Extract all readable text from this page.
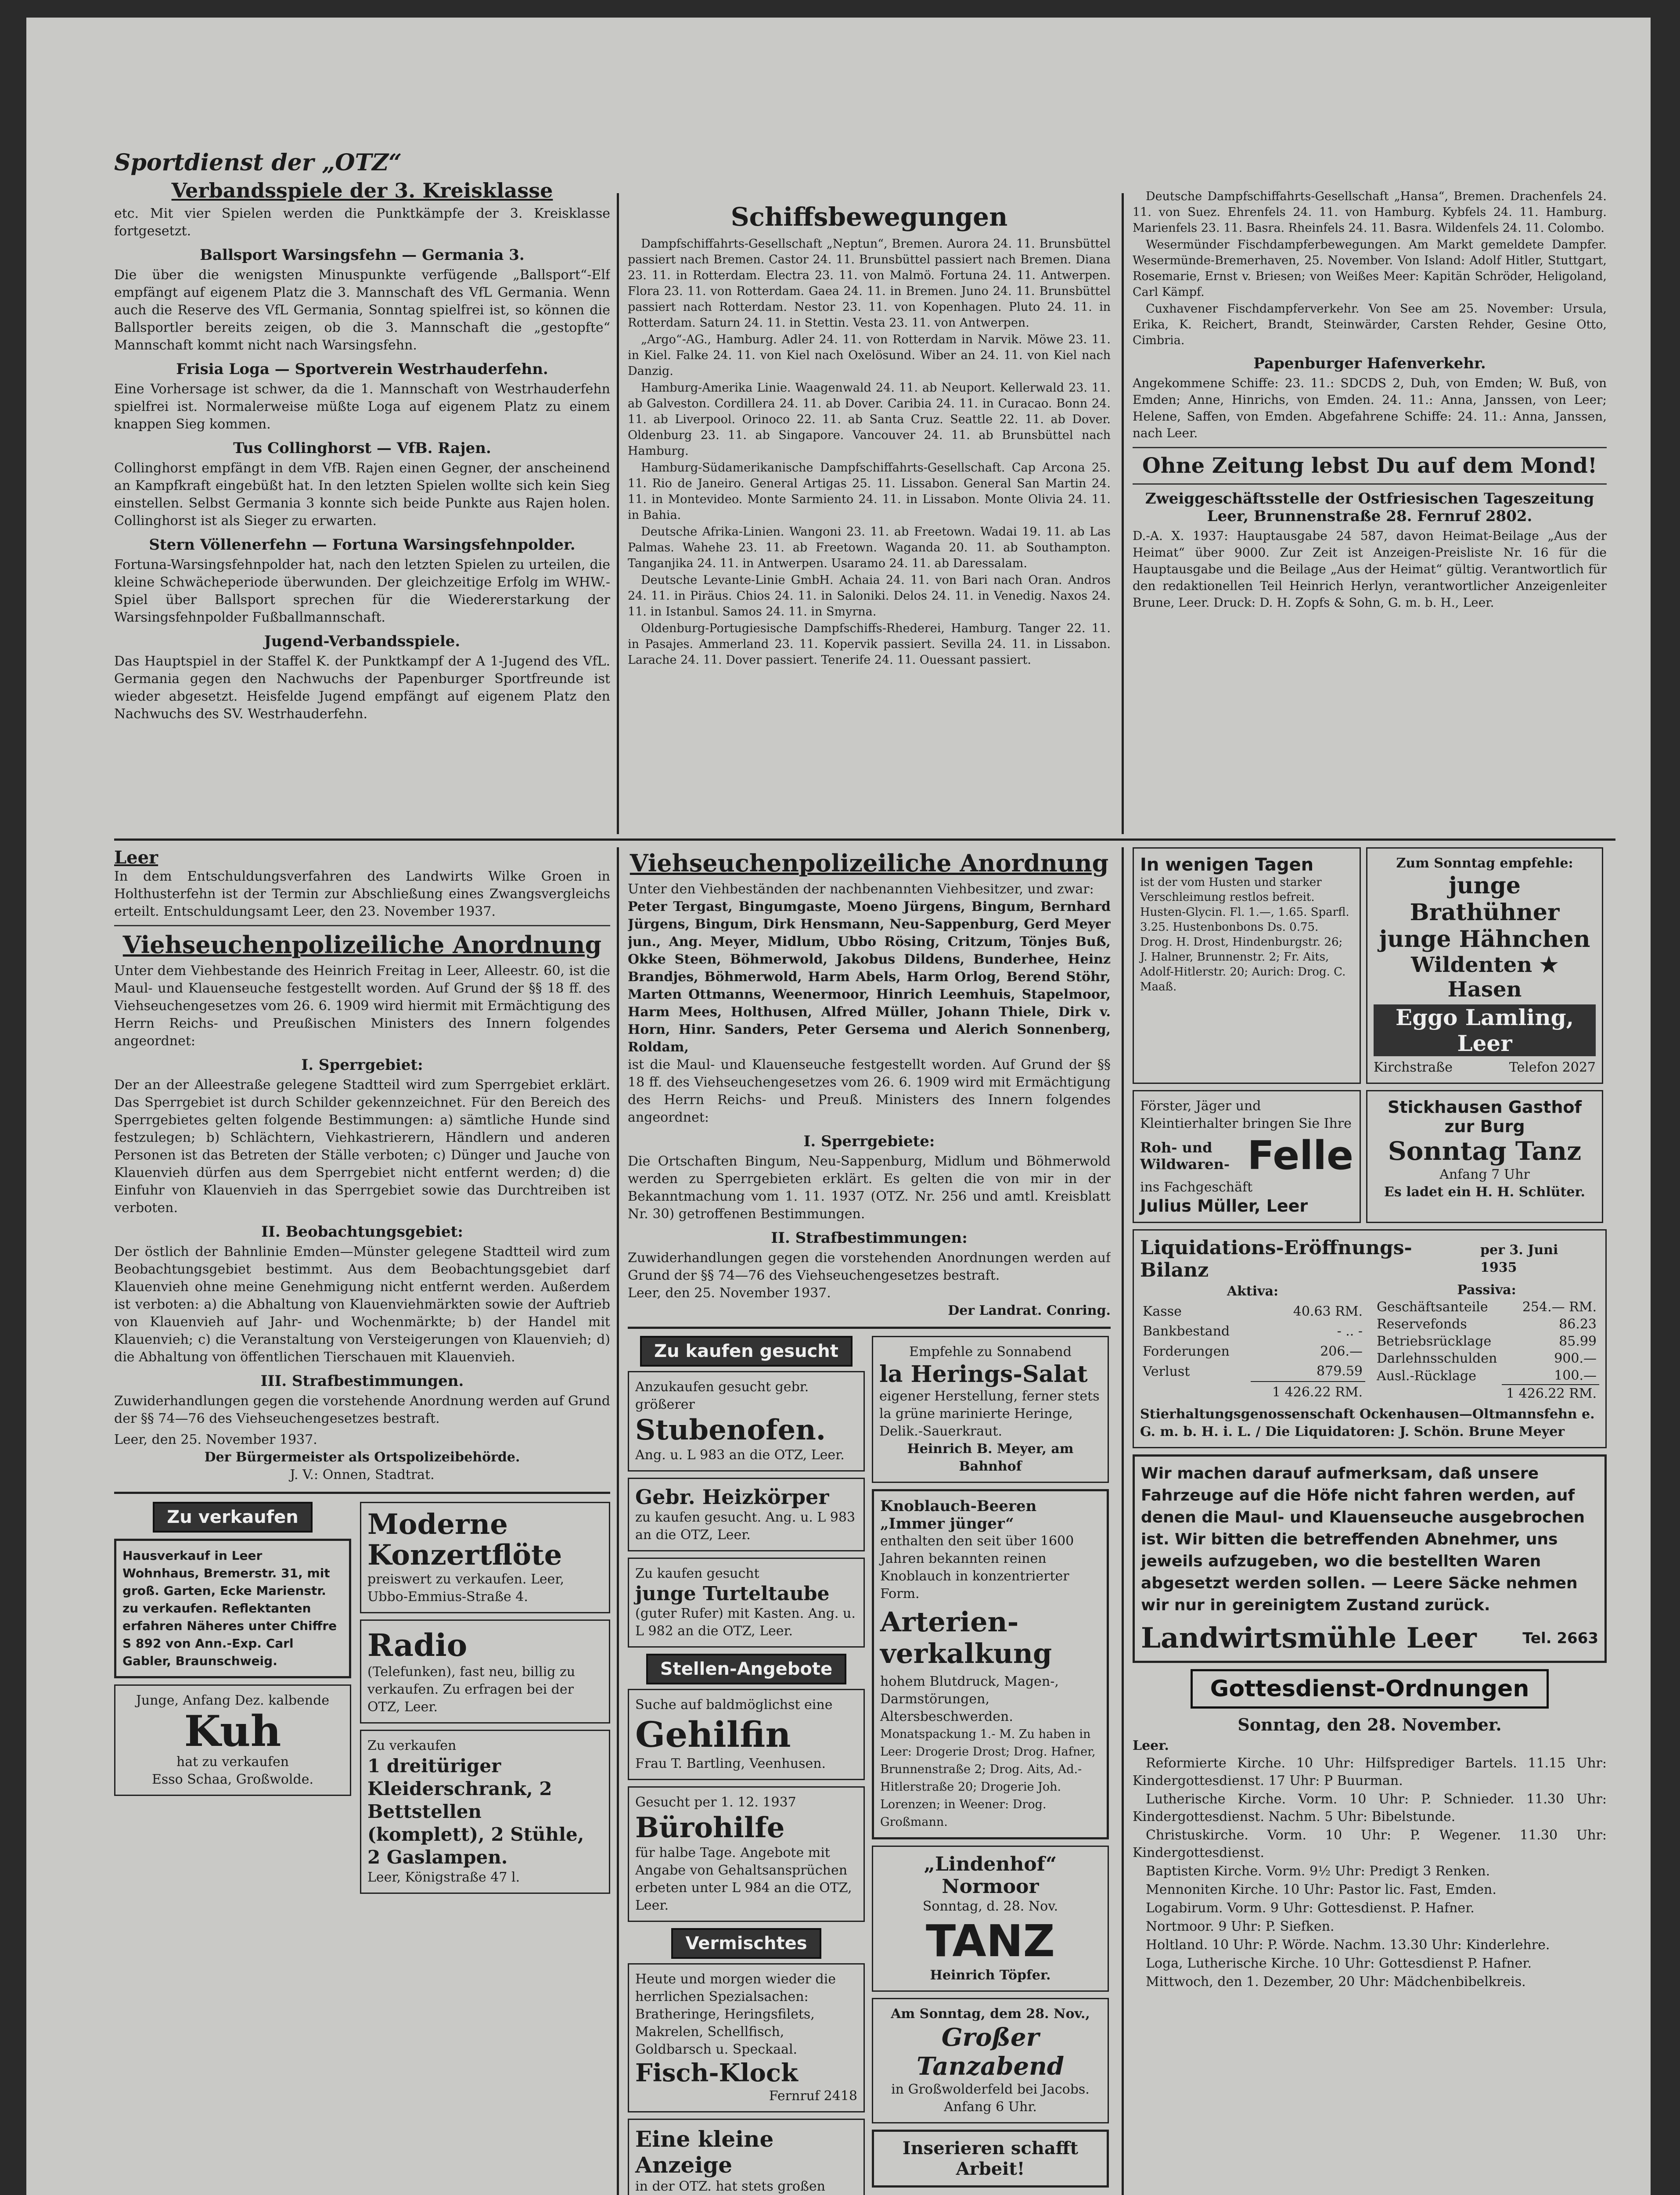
Sportdienst der „OTZ“
Verbandsspiele der 3. Kreisklasse
etc. Mit vier Spielen werden die Punktkämpfe der 3. Kreisklasse fortgesetzt.
Ballsport Warsingsfehn — Germania 3.
Die über die wenigsten Minuspunkte verfügende „Ballsport“-Elf empfängt auf eigenem Platz die 3. Mannschaft des VfL Germania. Wenn auch die Reserve des VfL Germania, Sonntag spielfrei ist, so können die Ballsportler bereits zeigen, ob die 3. Mannschaft die „gestopfte“ Mannschaft kommt nicht nach Warsingsfehn.
Frisia Loga — Sportverein Westrhauderfehn.
Eine Vorhersage ist schwer, da die 1. Mannschaft von Westrhauderfehn spielfrei ist. Normalerweise müßte Loga auf eigenem Platz zu einem knappen Sieg kommen.
Tus Collinghorst — VfB. Rajen.
Collinghorst empfängt in dem VfB. Rajen einen Gegner, der anscheinend an Kampfkraft eingebüßt hat. In den letzten Spielen wollte sich kein Sieg einstellen. Selbst Germania 3 konnte sich beide Punkte aus Rajen holen. Collinghorst ist als Sieger zu erwarten.
Stern Völlenerfehn — Fortuna Warsingsfehnpolder.
Fortuna-Warsingsfehnpolder hat, nach den letzten Spielen zu urteilen, die kleine Schwächeperiode überwunden. Der gleichzeitige Erfolg im WHW.-Spiel über Ballsport sprechen für die Wiedererstarkung der Warsingsfehnpolder Fußballmannschaft.
Jugend-Verbandsspiele.
Das Hauptspiel in der Staffel K. der Punktkampf der A 1-Jugend des VfL. Germania gegen den Nachwuchs der Papenburger Sportfreunde ist wieder abgesetzt. Heisfelde Jugend empfängt auf eigenem Platz den Nachwuchs des SV. Westrhauderfehn.
Schiffsbewegungen

Dampfschiffahrts-Gesellschaft „Neptun“, Bremen. Aurora 24. 11. Brunsbüttel passiert nach Bremen. Castor 24. 11. Brunsbüttel passiert nach Bremen. Diana 23. 11. in Rotterdam. Electra 23. 11. von Malmö. Fortuna 24. 11. Antwerpen. Flora 23. 11. von Rotterdam. Gaea 24. 11. in Bremen. Juno 24. 11. Brunsbüttel passiert nach Rotterdam. Nestor 23. 11. von Kopenhagen. Pluto 24. 11. in Rotterdam. Saturn 24. 11. in Stettin. Vesta 23. 11. von Antwerpen.

„Argo“-AG., Hamburg. Adler 24. 11. von Rotterdam in Narvik. Möwe 23. 11. in Kiel. Falke 24. 11. von Kiel nach Oxelösund. Wiber an 24. 11. von Kiel nach Danzig.

Hamburg-Amerika Linie. Waagenwald 24. 11. ab Neuport. Kellerwald 23. 11. ab Galveston. Cordillera 24. 11. ab Dover. Caribia 24. 11. in Curacao. Bonn 24. 11. ab Liverpool. Orinoco 22. 11. ab Santa Cruz. Seattle 22. 11. ab Dover. Oldenburg 23. 11. ab Singapore. Vancouver 24. 11. ab Brunsbüttel nach Hamburg.

Hamburg-Südamerikanische Dampfschiffahrts-Gesellschaft. Cap Arcona 25. 11. Rio de Janeiro. General Artigas 25. 11. Lissabon. General San Martin 24. 11. in Montevideo. Monte Sarmiento 24. 11. in Lissabon. Monte Olivia 24. 11. in Bahia.

Deutsche Afrika-Linien. Wangoni 23. 11. ab Freetown. Wadai 19. 11. ab Las Palmas. Wahehe 23. 11. ab Freetown. Waganda 20. 11. ab Southampton. Tanganjika 24. 11. in Antwerpen. Usaramo 24. 11. ab Daressalam.

Deutsche Levante-Linie GmbH. Achaia 24. 11. von Bari nach Oran. Andros 24. 11. in Piräus. Chios 24. 11. in Saloniki. Delos 24. 11. in Venedig. Naxos 24. 11. in Istanbul. Samos 24. 11. in Smyrna.

Oldenburg-Portugiesische Dampfschiffs-Rhederei, Hamburg. Tanger 22. 11. in Pasajes. Ammerland 23. 11. Kopervik passiert. Sevilla 24. 11. in Lissabon. Larache 24. 11. Dover passiert. Tenerife 24. 11. Ouessant passiert.

Deutsche Dampfschiffahrts-Gesellschaft „Hansa“, Bremen. Drachenfels 24. 11. von Suez. Ehrenfels 24. 11. von Hamburg. Kybfels 24. 11. Hamburg. Marienfels 23. 11. Basra. Rheinfels 24. 11. Basra. Wildenfels 24. 11. Colombo.

Wesermünder Fischdampferbewegungen. Am Markt gemeldete Dampfer. Wesermünde-Bremerhaven, 25. November. Von Island: Adolf Hitler, Stuttgart, Rosemarie, Ernst v. Briesen; von Weißes Meer: Kapitän Schröder, Heligoland, Carl Kämpf.

Cuxhavener Fischdampferverkehr. Von See am 25. November: Ursula, Erika, K. Reichert, Brandt, Steinwärder, Carsten Rehder, Gesine Otto, Cimbria.

Papenburger Hafenverkehr.
Angekommene Schiffe: 23. 11.: SDCDS 2, Duh, von Emden; W. Buß, von Emden; Anne, Hinrichs, von Emden. 24. 11.: Anna, Janssen, von Leer; Helene, Saffen, von Emden. Abgefahrene Schiffe: 24. 11.: Anna, Janssen, nach Leer.
Ohne Zeitung lebst Du auf dem Mond!
Zweiggeschäftsstelle der Ostfriesischen Tageszeitung
Leer, Brunnenstraße 28. Fernruf 2802.
D.-A. X. 1937: Hauptausgabe 24 587, davon Heimat-Beilage „Aus der Heimat“ über 9000. Zur Zeit ist Anzeigen-Preisliste Nr. 16 für die Hauptausgabe und die Beilage „Aus der Heimat“ gültig. Verantwortlich für den redaktionellen Teil Heinrich Herlyn, verantwortlicher Anzeigenleiter Brune, Leer. Druck: D. H. Zopfs & Sohn, G. m. b. H., Leer.
Leer
In dem Entschuldungsverfahren des Landwirts Wilke Groen in Holthusterfehn ist der Termin zur Abschließung eines Zwangsvergleichs erteilt. Entschuldungsamt Leer, den 23. November 1937.
Viehseuchenpolizeiliche Anordnung
Unter dem Viehbestande des Heinrich Freitag in Leer, Alleestr. 60, ist die Maul- und Klauenseuche festgestellt worden. Auf Grund der §§ 18 ff. des Viehseuchengesetzes vom 26. 6. 1909 wird hiermit mit Ermächtigung des Herrn Reichs- und Preußischen Ministers des Innern folgendes angeordnet:
I. Sperrgebiet:
Der an der Alleestraße gelegene Stadtteil wird zum Sperrgebiet erklärt. Das Sperrgebiet ist durch Schilder gekennzeichnet. Für den Bereich des Sperrgebietes gelten folgende Bestimmungen: a) sämtliche Hunde sind festzulegen; b) Schlächtern, Viehkastrierern, Händlern und anderen Personen ist das Betreten der Ställe verboten; c) Dünger und Jauche von Klauenvieh dürfen aus dem Sperrgebiet nicht entfernt werden; d) die Einfuhr von Klauenvieh in das Sperrgebiet sowie das Durchtreiben ist verboten.
II. Beobachtungsgebiet:
Der östlich der Bahnlinie Emden—Münster gelegene Stadtteil wird zum Beobachtungsgebiet bestimmt. Aus dem Beobachtungsgebiet darf Klauenvieh ohne meine Genehmigung nicht entfernt werden. Außerdem ist verboten: a) die Abhaltung von Klauenviehmärkten sowie der Auftrieb von Klauenvieh auf Jahr- und Wochenmärkte; b) der Handel mit Klauenvieh; c) die Veranstaltung von Versteigerungen von Klauenvieh; d) die Abhaltung von öffentlichen Tierschauen mit Klauenvieh.
III. Strafbestimmungen.
Zuwiderhandlungen gegen die vorstehende Anordnung werden auf Grund der §§ 74—76 des Viehseuchengesetzes bestraft.
Leer, den 25. November 1937.
Der Bürgermeister als Ortspolizeibehörde.
J. V.: Onnen, Stadtrat.
Zu verkaufen
Hausverkauf in Leer Wohnhaus, Bremerstr. 31, mit groß. Garten, Ecke Marienstr. zu verkaufen. Reflektanten erfahren Näheres unter Chiffre S 892 von Ann.-Exp. Carl Gabler, Braunschweig.
Junge, Anfang Dez. kalbende
Kuh
hat zu verkaufen
Esso Schaa, Großwolde.
Moderne Konzertflöte
preiswert zu verkaufen. Leer, Ubbo-Emmius-Straße 4.
Radio
(Telefunken), fast neu, billig zu verkaufen. Zu erfragen bei der OTZ, Leer.
Zu verkaufen
1 dreitüriger Kleiderschrank, 2 Bettstellen (komplett), 2 Stühle, 2 Gaslampen.
Leer, Königstraße 47 l.
Viehseuchenpolizeiliche Anordnung
Unter den Viehbeständen der nachbenannten Viehbesitzer, und zwar:
Peter Tergast, Bingumgaste, Moeno Jürgens, Bingum, Bernhard Jürgens, Bingum, Dirk Hensmann, Neu-Sappenburg, Gerd Meyer jun., Ang. Meyer, Midlum, Ubbo Rösing, Critzum, Tönjes Buß, Okke Steen, Böhmerwold, Jakobus Dildens, Bunderhee, Heinz Brandjes, Böhmerwold, Harm Abels, Harm Orlog, Berend Stöhr, Marten Ottmanns, Weenermoor, Hinrich Leemhuis, Stapelmoor, Harm Mees, Holthusen, Alfred Müller, Johann Thiele, Dirk v. Horn, Hinr. Sanders, Peter Gersema und Alerich Sonnenberg, Roldam,
ist die Maul- und Klauenseuche festgestellt worden. Auf Grund der §§ 18 ff. des Viehseuchengesetzes vom 26. 6. 1909 wird mit Ermächtigung des Herrn Reichs- und Preuß. Ministers des Innern folgendes angeordnet:
I. Sperrgebiete:
Die Ortschaften Bingum, Neu-Sappenburg, Midlum und Böhmerwold werden zu Sperrgebieten erklärt. Es gelten die von mir in der Bekanntmachung vom 1. 11. 1937 (OTZ. Nr. 256 und amtl. Kreisblatt Nr. 30) getroffenen Bestimmungen.
II. Strafbestimmungen:
Zuwiderhandlungen gegen die vorstehenden Anordnungen werden auf Grund der §§ 74—76 des Viehseuchengesetzes bestraft.
Leer, den 25. November 1937.
Der Landrat. Conring.
Zu kaufen gesucht
Anzukaufen gesucht gebr. größerer
Stubenofen.
Ang. u. L 983 an die OTZ, Leer.
Gebr. Heizkörper
zu kaufen gesucht. Ang. u. L 983 an die OTZ, Leer.
Zu kaufen gesucht
junge Turteltaube
(guter Rufer) mit Kasten. Ang. u. L 982 an die OTZ, Leer.
Stellen-Angebote
Suche auf baldmöglichst eine
Gehilfin
Frau T. Bartling, Veenhusen.
Gesucht per 1. 12. 1937
Bürohilfe
für halbe Tage. Angebote mit Angabe von Gehaltsansprüchen erbeten unter L 984 an die OTZ, Leer.
Vermischtes
Heute und morgen wieder die herrlichen Spezialsachen: Bratheringe, Heringsfilets, Makrelen, Schellfisch, Goldbarsch u. Speckaal.
Fisch-Klock
Fernruf 2418
Eine kleine Anzeige
in der OTZ. hat stets großen
Empfehle zu Sonnabend
la Herings-Salat
eigener Herstellung, ferner stets la grüne marinierte Heringe, Delik.-Sauerkraut.
Heinrich B. Meyer, am Bahnhof
Knoblauch-Beeren „Immer jünger“
enthalten den seit über 1600 Jahren bekannten reinen Knoblauch in konzentrierter Form.
Arterien-verkalkung
hohem Blutdruck, Magen-, Darmstörungen, Altersbeschwerden.
Monatspackung 1.- M. Zu haben in Leer: Drogerie Drost; Drog. Hafner, Brunnenstraße 2; Drog. Aits, Ad.-Hitlerstraße 20; Drogerie Joh. Lorenzen; in Weener: Drog. Großmann.
„Lindenhof“
Normoor
Sonntag, d. 28. Nov.
TANZ
Heinrich Töpfer.
Am Sonntag, dem 28. Nov.,
Großer Tanzabend
in Großwolderfeld bei Jacobs.
Anfang 6 Uhr.
Inserieren schafft Arbeit!
In wenigen Tagen
ist der vom Husten und starker Verschleimung restlos befreit. Husten-Glycin. Fl. 1.—, 1.65. Sparfl. 3.25. Hustenbonbons Ds. 0.75.
Drog. H. Drost, Hindenburgstr. 26; J. Halner, Brunnenstr. 2; Fr. Aits, Adolf-Hitlerstr. 20; Aurich: Drog. C. Maaß.
Zum Sonntag empfehle:
junge Brathühner
junge Hähnchen
Wildenten ★ Hasen
Eggo Lamling, Leer
Kirchstraße	Telefon 2027
Förster, Jäger und Kleintierhalter bringen Sie Ihre
Roh- und Wildwaren- Felle
ins Fachgeschäft
Julius Müller, Leer
Stickhausen Gasthof zur Burg
Sonntag Tanz
Anfang 7 Uhr
Es ladet ein H. H. Schlüter.
Liquidations-Eröffnungs-Bilanz
per 3. Juni 1935
Aktiva:	
Kasse	40.63 RM.
Bankbestand	- .. -
Forderungen	206.—
Verlust	879.59
	1 426.22 RM.
Passiva:	
Geschäftsanteile	254.— RM.
Reservefonds	86.23
Betriebsrücklage	85.99
Darlehnsschulden	900.—
Ausl.-Rücklage	100.—
	1 426.22 RM.
Stierhaltungsgenossenschaft Ockenhausen—Oltmannsfehn e. G. m. b. H. i. L. / Die Liquidatoren: J. Schön. Brune Meyer
Wir machen darauf aufmerksam, daß unsere Fahrzeuge auf die Höfe nicht fahren werden, auf denen die Maul- und Klauenseuche ausgebrochen ist. Wir bitten die betreffenden Abnehmer, uns jeweils aufzugeben, wo die bestellten Waren abgesetzt werden sollen. — Leere Säcke nehmen wir nur in gereinigtem Zustand zurück.
Landwirtsmühle Leer	Tel. 2663
Gottesdienst-Ordnungen
Sonntag, den 28. November.
Leer.

Reformierte Kirche. 10 Uhr: Hilfsprediger Bartels. 11.15 Uhr: Kindergottesdienst. 17 Uhr: P Buurman.

Lutherische Kirche. Vorm. 10 Uhr: P. Schnieder. 11.30 Uhr: Kindergottesdienst. Nachm. 5 Uhr: Bibelstunde.

Christuskirche. Vorm. 10 Uhr: P. Wegener. 11.30 Uhr: Kindergottesdienst.

Baptisten Kirche. Vorm. 9½ Uhr: Predigt 3 Renken.

Mennoniten Kirche. 10 Uhr: Pastor lic. Fast, Emden.

Logabirum. Vorm. 9 Uhr: Gottesdienst. P. Hafner.

Nortmoor. 9 Uhr: P. Siefken.

Holtland. 10 Uhr: P. Wörde. Nachm. 13.30 Uhr: Kinderlehre.

Loga, Lutherische Kirche. 10 Uhr: Gottesdienst P. Hafner.

Mittwoch, den 1. Dezember, 20 Uhr: Mädchenbibelkreis.
